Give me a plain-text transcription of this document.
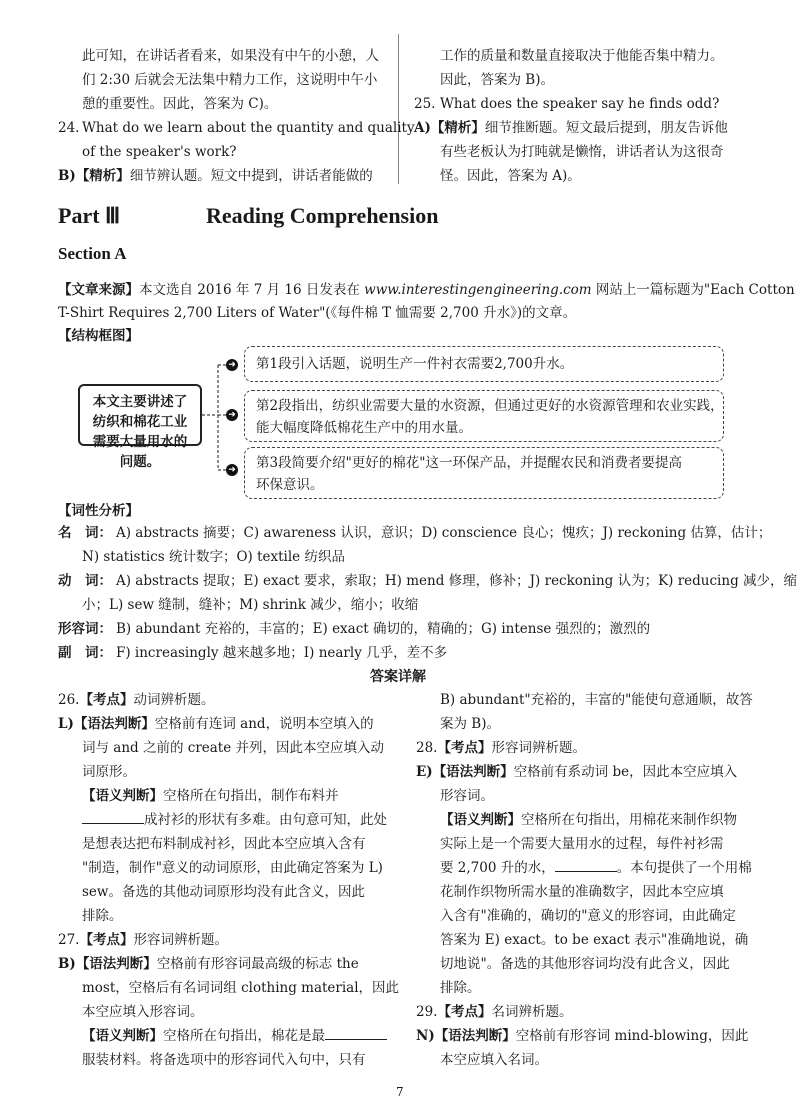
此可知，在讲话者看来，如果没有中午的小憩，人
们 2:30 后就会无法集中精力工作，这说明中午小
憩的重要性。因此，答案为 C)。
24. What do we learn about the quantity and quality
of the speaker's work?
B)【精析】细节辨认题。短文中提到，讲话者能做的
工作的质量和数量直接取决于他能否集中精力。
因此，答案为 B)。
25. What does the speaker say he finds odd?
A)【精析】细节推断题。短文最后提到，朋友告诉他
有些老板认为打盹就是懒惰，讲话者认为这很奇
怪。因此，答案为 A)。
Part Ⅲ	Reading Comprehension
Section A
【文章来源】本文选自 2016 年 7 月 16 日发表在 www.interestingengineering.com 网站上一篇标题为"Each Cotton
T-Shirt Requires 2,700 Liters of Water"(《每件棉 T 恤需要 2,700 升水》)的文章。
【结构框图】
本文主要讲述了纺织和棉花工业需要大量用水的问题。
➜ 第1段引入话题，说明生产一件衬衣需要2,700升水。
➜
第2段指出，纺织业需要大量的水资源，但通过更好的水资源管理和农业实践，
能大幅度降低棉花生产中的用水量。
➜ 第3段简要介绍"更好的棉花"这一环保产品，并提醒农民和消费者要提高
环保意识。
【词性分析】
名　词： A) abstracts 摘要；C) awareness 认识，意识；D) conscience 良心；愧疚；J) reckoning 估算，估计；
N) statistics 统计数字；O) textile 纺织品
动　词： A) abstracts 提取；E) exact 要求，索取；H) mend 修理，修补；J) reckoning 认为；K) reducing 减少，缩
小；L) sew 缝制，缝补；M) shrink 减少，缩小；收缩
形容词： B) abundant 充裕的，丰富的；E) exact 确切的，精确的；G) intense 强烈的；激烈的
副　词： F) increasingly 越来越多地；I) nearly 几乎，差不多
答案详解
26.【考点】动词辨析题。
L)【语法判断】空格前有连词 and，说明本空填入的
词与 and 之前的 create 并列，因此本空应填入动
词原形。
【语义判断】空格所在句指出，制作布料并
成衬衫的形状有多难。由句意可知，此处
是想表达把布料制成衬衫，因此本空应填入含有
"制造，制作"意义的动词原形，由此确定答案为 L)
sew。备选的其他动词原形均没有此含义，因此
排除。
27.【考点】形容词辨析题。
B)【语法判断】空格前有形容词最高级的标志 the
most，空格后有名词词组 clothing material，因此
本空应填入形容词。
【语义判断】空格所在句指出，棉花是最
服装材料。将备选项中的形容词代入句中，只有
B) abundant"充裕的，丰富的"能使句意通顺，故答
案为 B)。
28.【考点】形容词辨析题。
E)【语法判断】空格前有系动词 be，因此本空应填入
形容词。
【语义判断】空格所在句指出，用棉花来制作织物
实际上是一个需要大量用水的过程，每件衬衫需
要 2,700 升的水，	。本句提供了一个用棉
花制作织物所需水量的准确数字，因此本空应填
入含有"准确的，确切的"意义的形容词，由此确定
答案为 E) exact。to be exact 表示"准确地说，确
切地说"。备选的其他形容词均没有此含义，因此
排除。
29.【考点】名词辨析题。
N)【语法判断】空格前有形容词 mind-blowing，因此
本空应填入名词。
7
